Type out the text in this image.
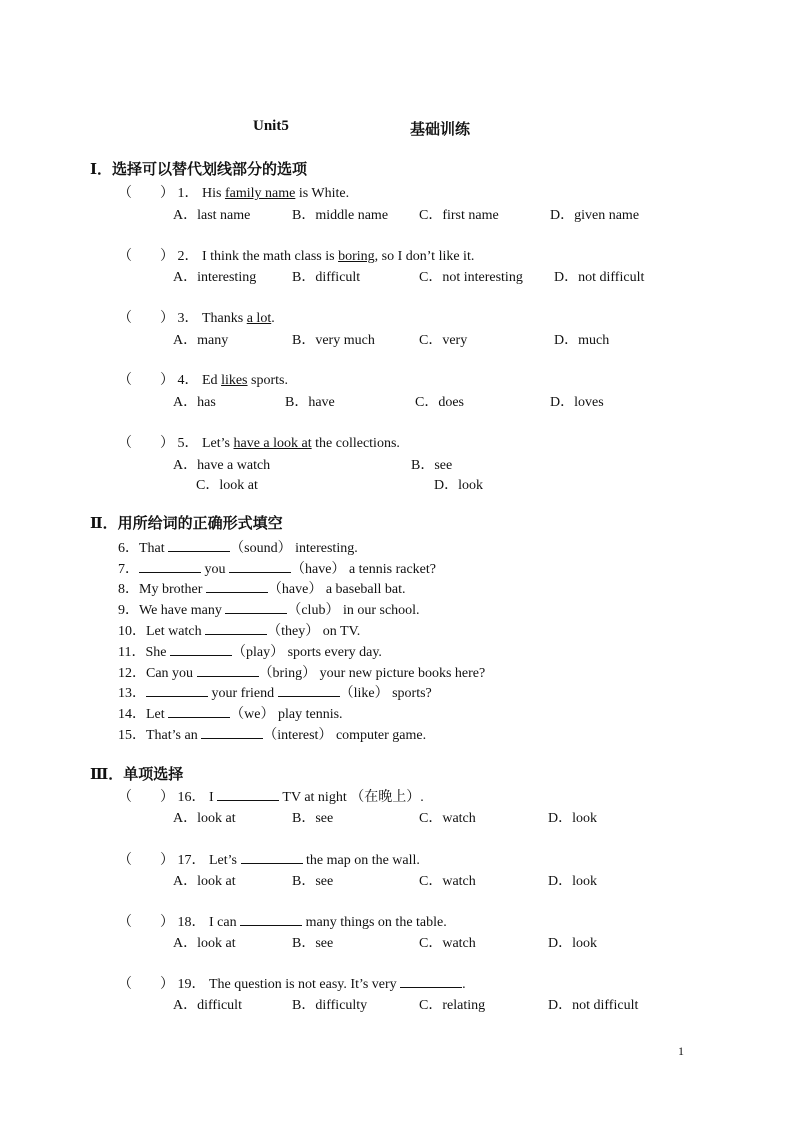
Unit5	基础训练
Ⅰ．选择可以替代划线部分的选项
（　　） 1． His family name is White.
A．last name	B．middle name C．first name	D．given name
（　　） 2． I think the math class is boring, so I don’t like it.
A．interesting	B．difficult	C．not interesting D．not difficult
（　　） 3． Thanks a lot.
A．many	B．very much	C．very	D．much
（　　） 4． Ed likes sports.
A．has	B．have	C．does	D．loves
（　　） 5． Let’s have a look at the collections.
A．have a watch	B．see
C．look at	D．look
Ⅱ．用所给词的正确形式填空
6．That	（sound） interesting.
7．	you	（have） a tennis racket?
8．My brother	（have） a baseball bat.
9．We have many	（club） in our school.
10．Let watch	（they） on TV.
11．She	（play） sports every day.
12．Can you	（bring） your new picture books here?
13．	your friend	（like） sports?
14．Let	（we） play tennis.
15．That’s an	（interest） computer game.
Ⅲ．单项选择
（　　） 16． I	TV at night （在晚上）.
A．look at	B．see	C．watch	D．look
（　　） 17． Let’s	the map on the wall.
A．look at	B．see	C．watch	D．look
（　　） 18． I can	many things on the table.
A．look at	B．see	C．watch	D．look
（　　） 19． The question is not easy. It’s very	.
A．difficult	B．difficulty	C．relating	D．not difficult
1
